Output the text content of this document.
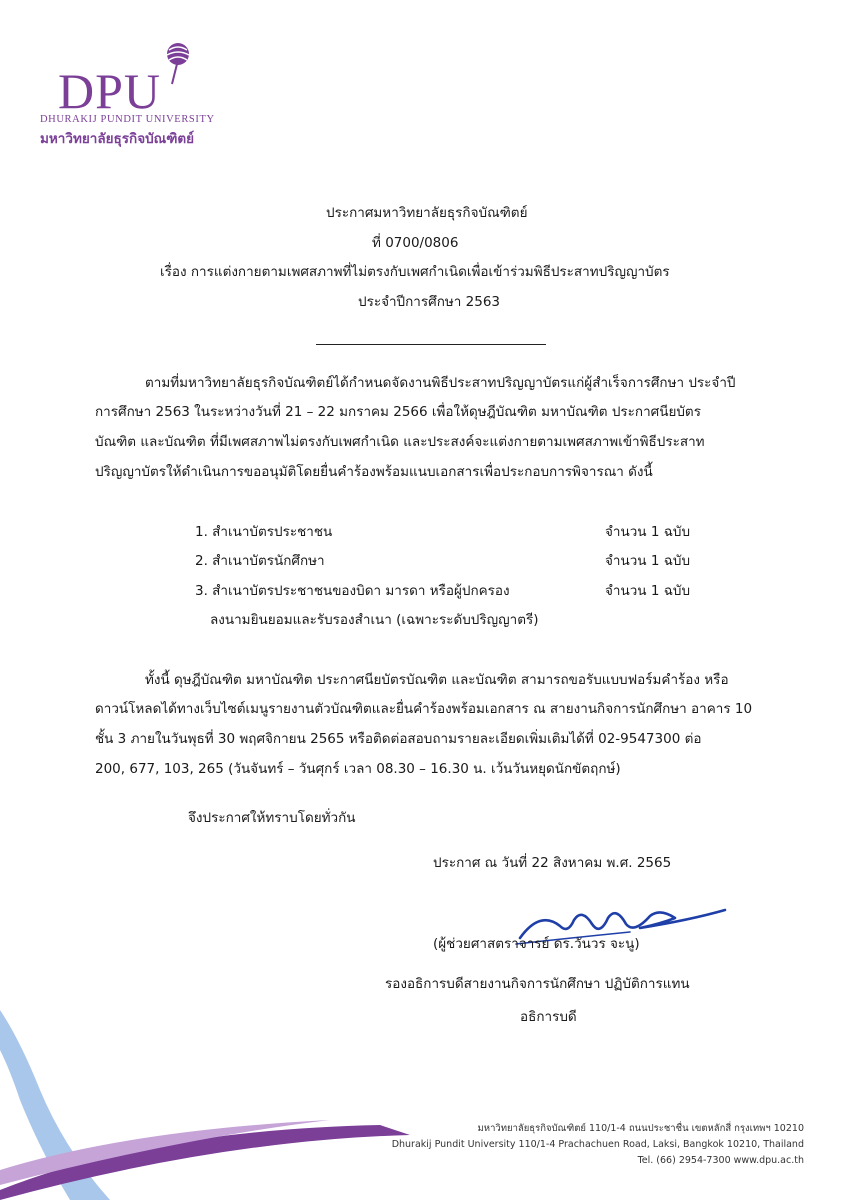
DPU
DHURAKIJ PUNDIT UNIVERSITY
มหาวิทยาลัยธุรกิจบัณฑิตย์
ประกาศมหาวิทยาลัยธุรกิจบัณฑิตย์
ที่ 0700/0806
เรื่อง การแต่งกายตามเพศสภาพที่ไม่ตรงกับเพศกำเนิดเพื่อเข้าร่วมพิธีประสาทปริญญาบัตร
ประจำปีการศึกษา 2563
ตามที่มหาวิทยาลัยธุรกิจบัณฑิตย์ได้กำหนดจัดงานพิธีประสาทปริญญาบัตรแก่ผู้สำเร็จการศึกษา ประจำปี
การศึกษา 2563 ในระหว่างวันที่ 21 – 22 มกราคม 2566 เพื่อให้ดุษฎีบัณฑิต มหาบัณฑิต ประกาศนียบัตร
บัณฑิต และบัณฑิต ที่มีเพศสภาพไม่ตรงกับเพศกำเนิด และประสงค์จะแต่งกายตามเพศสภาพเข้าพิธีประสาท
ปริญญาบัตรให้ดำเนินการขออนุมัติโดยยื่นคำร้องพร้อมแนบเอกสารเพื่อประกอบการพิจารณา ดังนี้
1. สำเนาบัตรประชาชน	จำนวน 1 ฉบับ
2. สำเนาบัตรนักศึกษา	จำนวน 1 ฉบับ
3. สำเนาบัตรประชาชนของบิดา มารดา หรือผู้ปกครอง	จำนวน 1 ฉบับ
ลงนามยินยอมและรับรองสำเนา (เฉพาะระดับปริญญาตรี)
ทั้งนี้ ดุษฎีบัณฑิต มหาบัณฑิต ประกาศนียบัตรบัณฑิต และบัณฑิต สามารถขอรับแบบฟอร์มคำร้อง หรือ
ดาวน์โหลดได้ทางเว็บไซต์เมนูรายงานตัวบัณฑิตและยื่นคำร้องพร้อมเอกสาร ณ สายงานกิจการนักศึกษา อาคาร 10
ชั้น 3 ภายในวันพุธที่ 30 พฤศจิกายน 2565 หรือติดต่อสอบถามรายละเอียดเพิ่มเติมได้ที่ 02-9547300 ต่อ
200, 677, 103, 265 (วันจันทร์ – วันศุกร์ เวลา 08.30 – 16.30 น. เว้นวันหยุดนักขัตฤกษ์)
จึงประกาศให้ทราบโดยทั่วกัน
ประกาศ ณ วันที่ 22 สิงหาคม พ.ศ. 2565
(ผู้ช่วยศาสตราจารย์ ดร.วันวร จะนู)
รองอธิการบดีสายงานกิจการนักศึกษา ปฏิบัติการแทน
อธิการบดี
มหาวิทยาลัยธุรกิจบัณฑิตย์ 110/1-4 ถนนประชาชื่น เขตหลักสี่ กรุงเทพฯ 10210
Dhurakij Pundit University 110/1-4 Prachachuen Road, Laksi, Bangkok 10210, Thailand
Tel. (66) 2954-7300 www.dpu.ac.th
